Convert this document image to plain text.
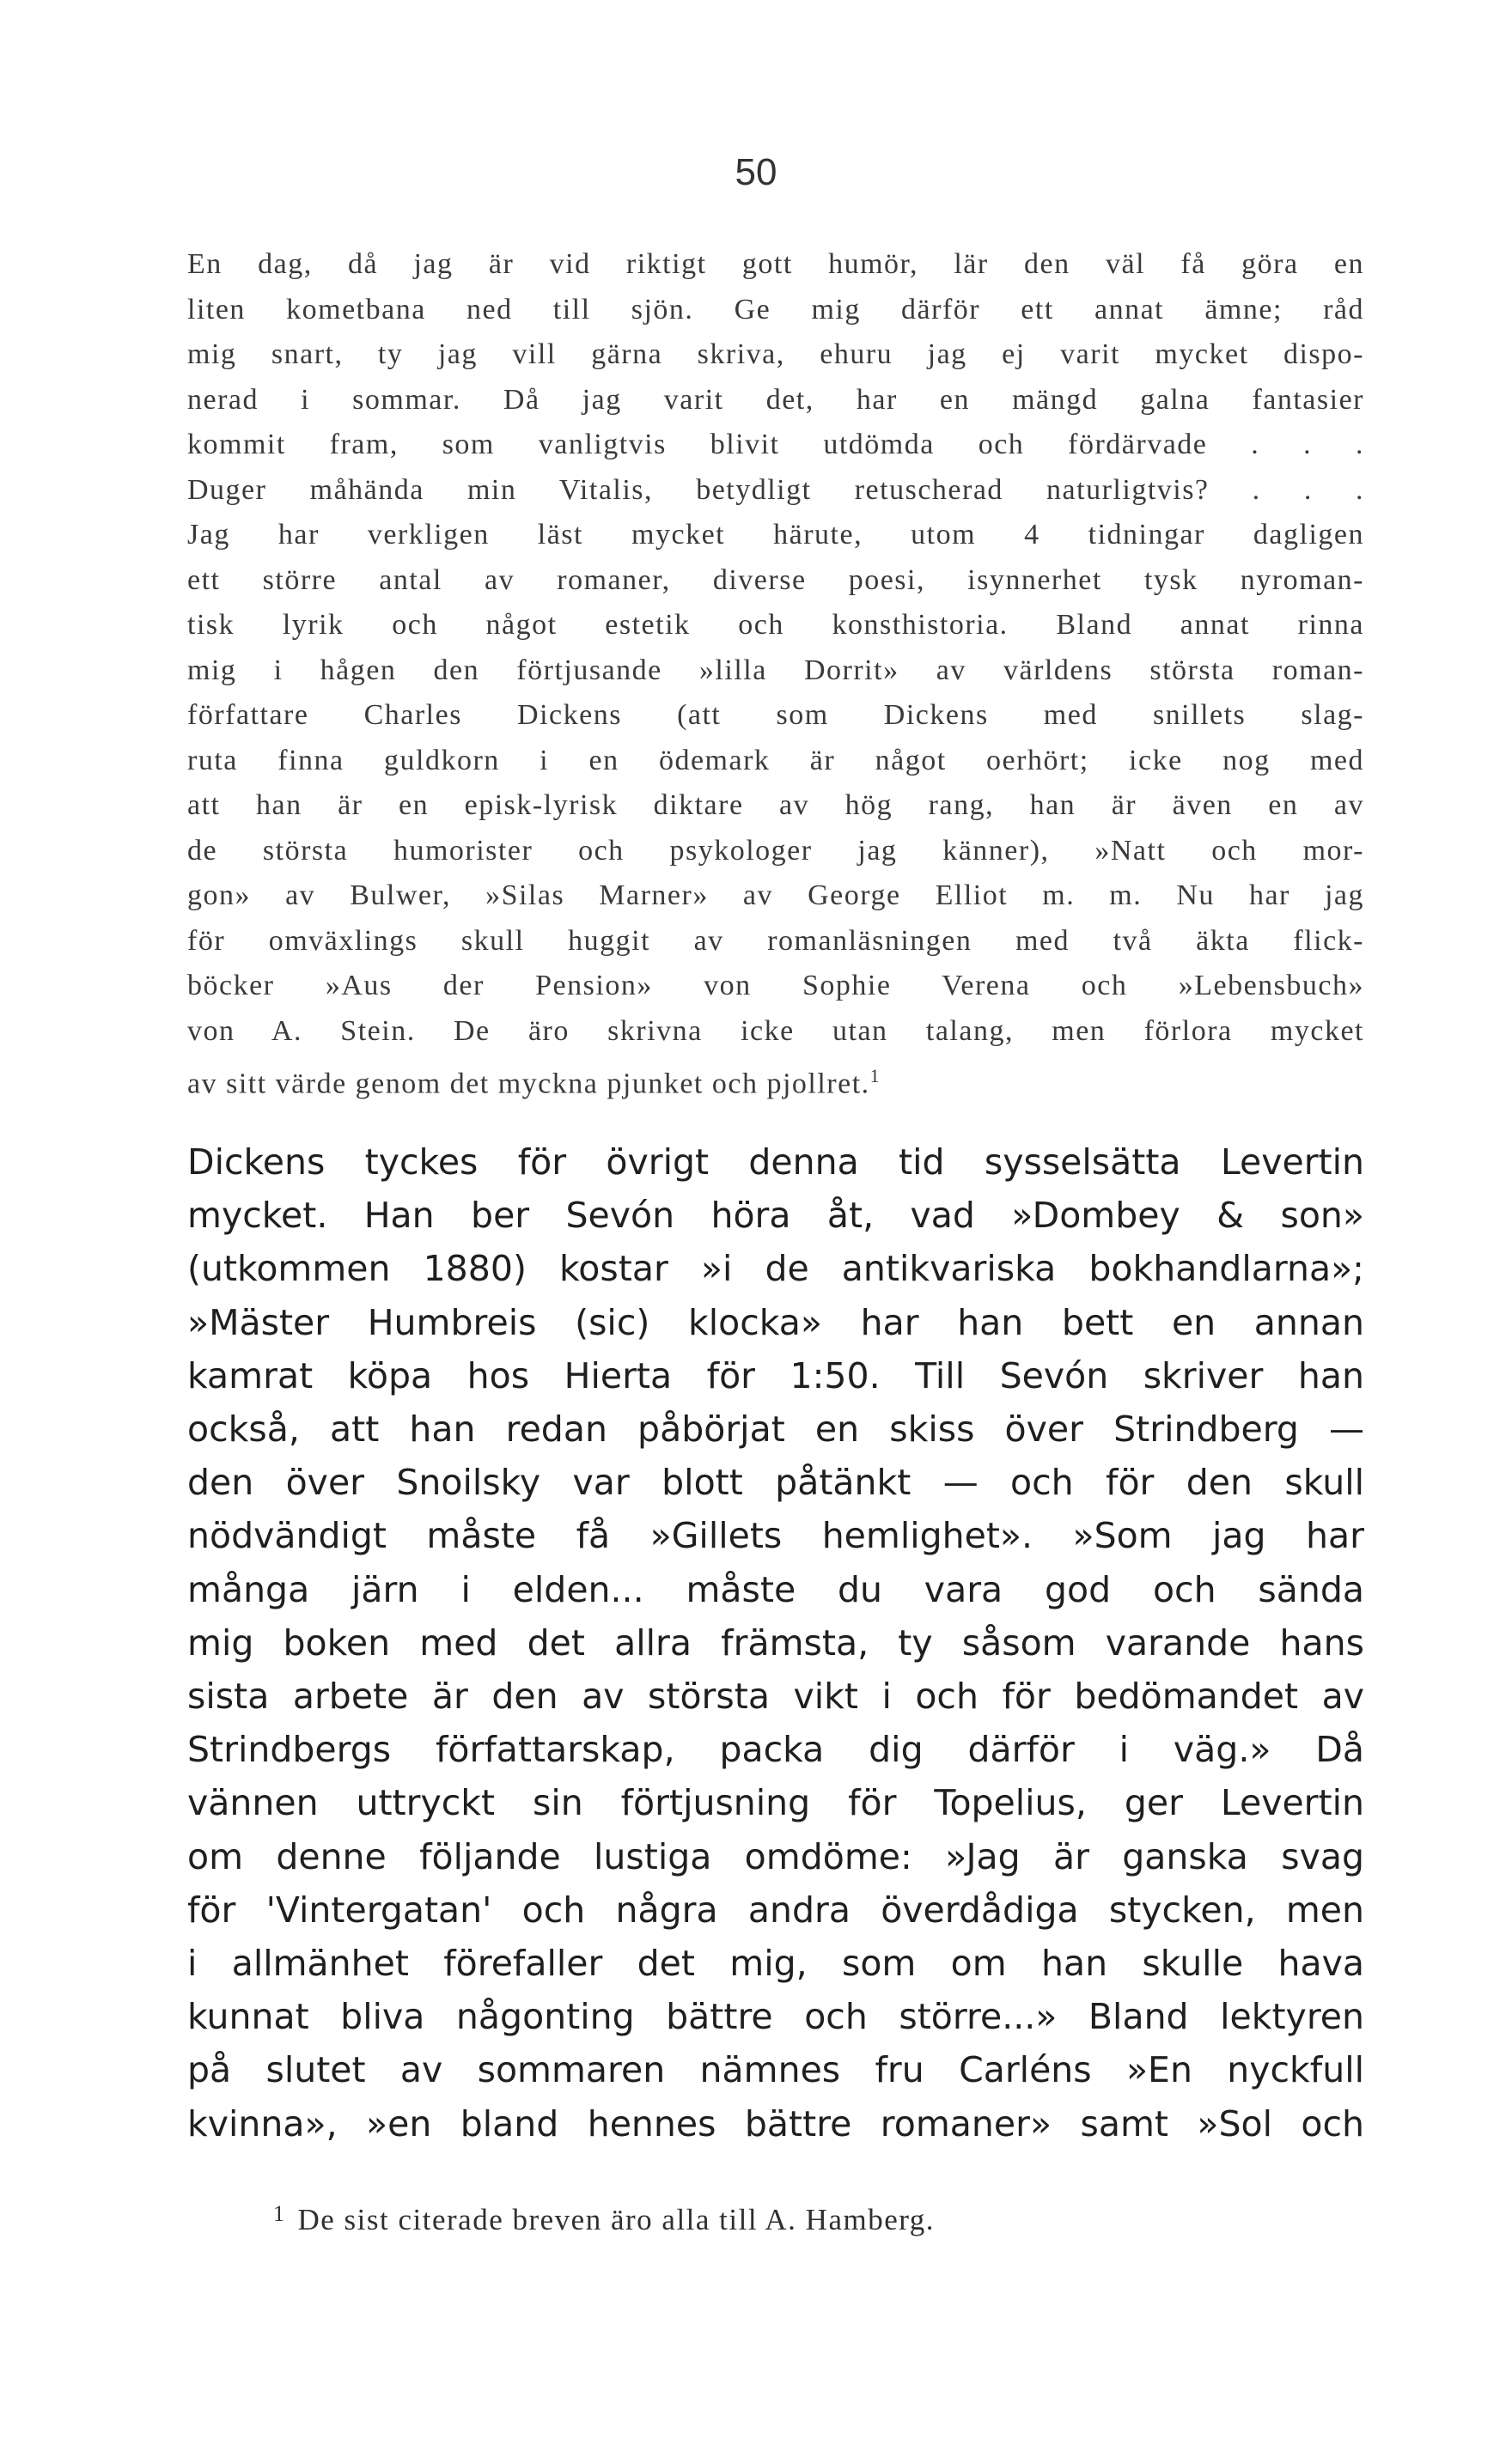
50
En dag, då jag är vid riktigt gott humör, lär den väl få göra en
liten kometbana ned till sjön. Ge mig därför ett annat ämne; råd
mig snart, ty jag vill gärna skriva, ehuru jag ej varit mycket dispo-
nerad i sommar. Då jag varit det, har en mängd galna fantasier
kommit fram, som vanligtvis blivit utdömda och fördärvade . . .
Duger måhända min Vitalis, betydligt retuscherad naturligtvis? . . .
Jag har verkligen läst mycket härute, utom 4 tidningar dagligen
ett större antal av romaner, diverse poesi, isynnerhet tysk nyroman-
tisk lyrik och något estetik och konsthistoria. Bland annat rinna
mig i hågen den förtjusande »lilla Dorrit» av världens största roman-
författare Charles Dickens (att som Dickens med snillets slag-
ruta finna guldkorn i en ödemark är något oerhört; icke nog med
att han är en episk-lyrisk diktare av hög rang, han är även en av
de största humorister och psykologer jag känner), »Natt och mor-
gon» av Bulwer, »Silas Marner» av George Elliot m. m. Nu har jag
för omväxlings skull huggit av romanläsningen med två äkta flick-
böcker »Aus der Pension» von Sophie Verena och »Lebensbuch»
von A. Stein. De äro skrivna icke utan talang, men förlora mycket
av sitt värde genom det myckna pjunket och pjollret.$^1$
Dickens tyckes för övrigt denna tid sysselsätta Levertin
mycket. Han ber Sevón höra åt, vad »Dombey & son»
(utkommen 1880) kostar »i de antikvariska bokhandlarna»;
»Mäster Humbreis (sic) klocka» har han bett en annan
kamrat köpa hos Hierta för 1:50. Till Sevón skriver han
också, att han redan påbörjat en skiss över Strindberg —
den över Snoilsky var blott påtänkt — och för den skull
nödvändigt måste få »Gillets hemlighet». »Som jag har
många järn i elden... måste du vara god och sända
mig boken med det allra främsta, ty såsom varande hans
sista arbete är den av största vikt i och för bedömandet av
Strindbergs författarskap, packa dig därför i väg.» Då
vännen uttryckt sin förtjusning för Topelius, ger Levertin
om denne följande lustiga omdöme: »Jag är ganska svag
för 'Vintergatan' och några andra överdådiga stycken, men
i allmänhet förefaller det mig, som om han skulle hava
kunnat bliva någonting bättre och större...» Bland lektyren
på slutet av sommaren nämnes fru Carléns »En nyckfull
kvinna», »en bland hennes bättre romaner» samt »Sol och
1 De sist citerade breven äro alla till A. Hamberg.
